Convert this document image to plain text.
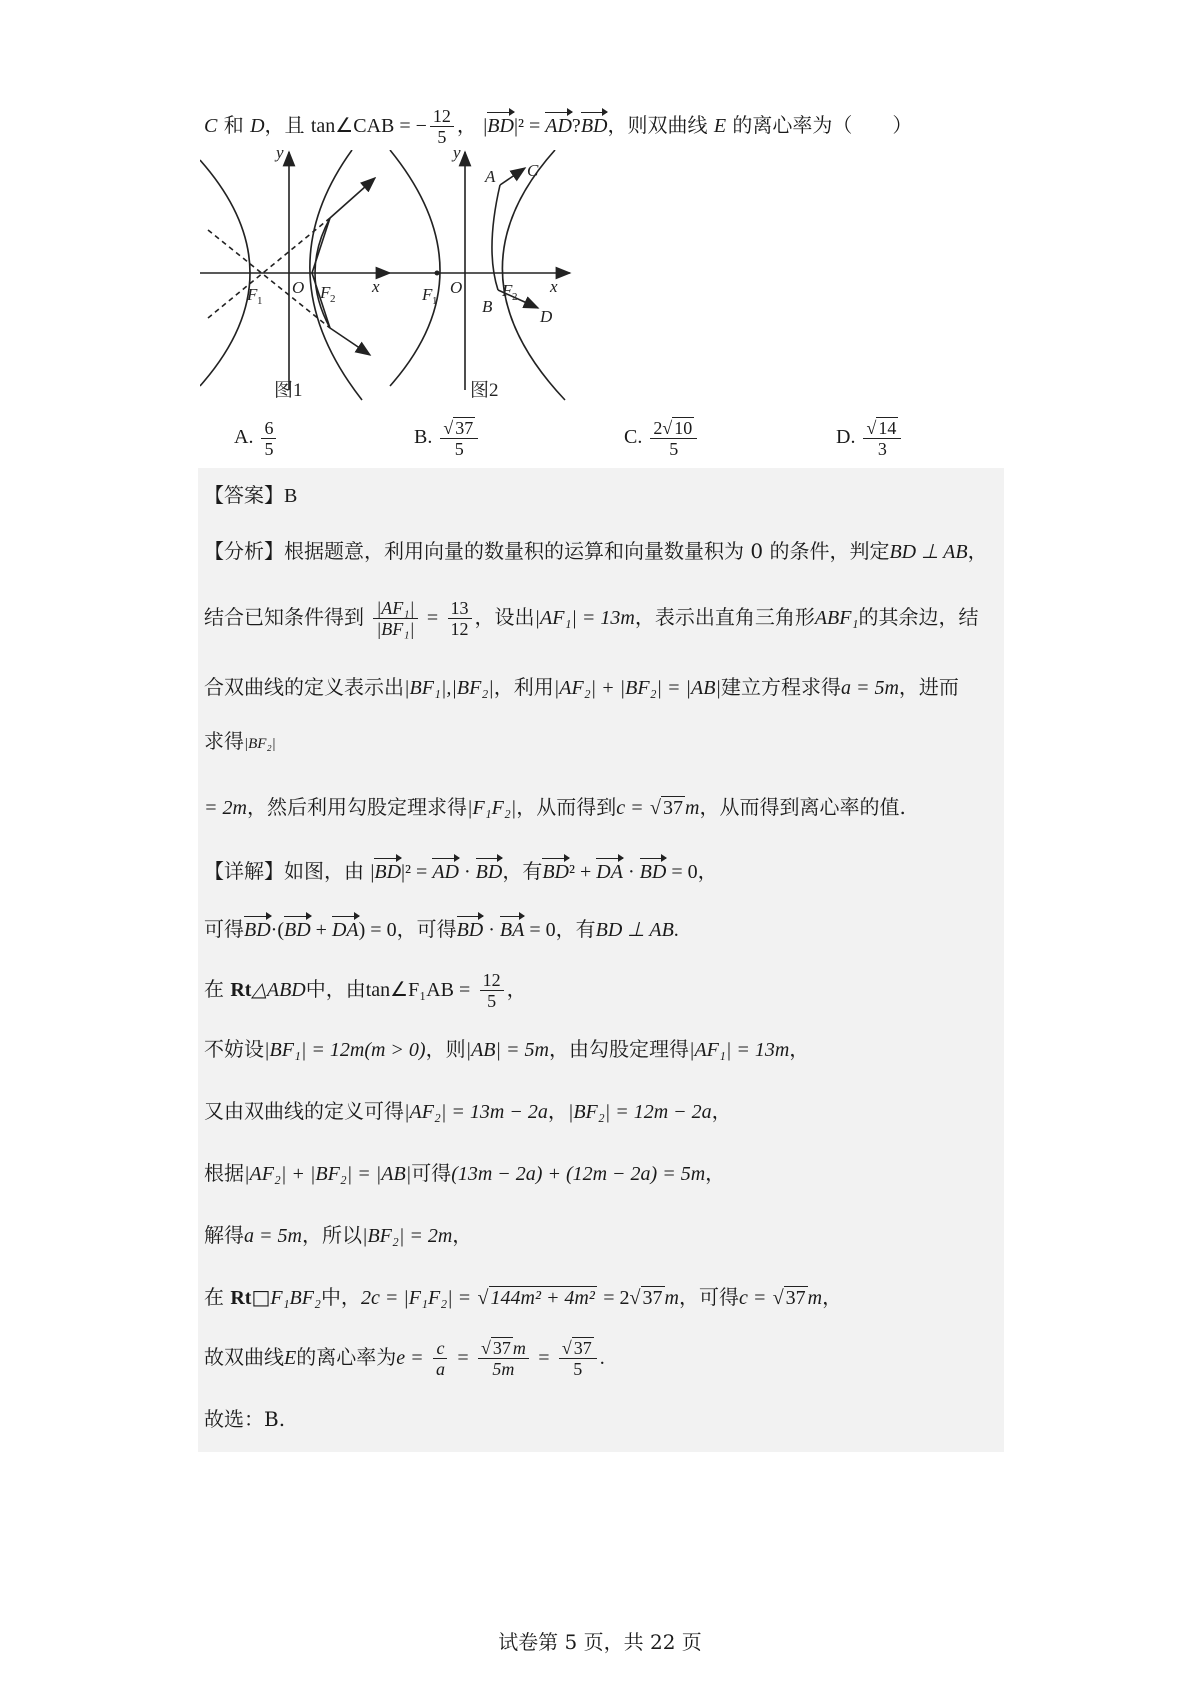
C 和 D，且 tan∠CAB = − $\frac{12}{5}$ ， |BD|² = AD?BD，则双曲线 E 的离心率为（　　）
y
x
O
F 1	F 2
y
x
O
F 1
F 2
A C
B
D
图1	图2
A. $\frac{6}{5}$	B. $\frac{√ 37}{5}$	C. $\frac{2√ 10}{5}$	D. $\frac{√ 14}{3}$
【答案】B
【分析】根据题意，利用向量的数量积的运算和向量数量积为 0 的条件，判定BD ⊥ AB，
结合已知条件得到 $\frac{\text{|AF₁|}}{\text{|BF₁|}} = \frac{13}{12}$ ，设出|AF₁| = 13m，表示出直角三角形ABF₁的其余边，结
合双曲线的定义表示出|BF₁|,|BF₂|，利用|AF₂| + |BF₂| = |AB|建立方程求得a = 5m，进而
求得|BF₂|
= 2m，然后利用勾股定理求得|F₁F₂|，从而得到c = √ 37 m，从而得到离心率的值.
【详解】如图，由 |BD|² = AD · BD，有BD² + DA · BD = 0，
可得BD·(BD + DA) = 0，可得BD · BA = 0，有BD ⊥ AB.
在 Rt△ABD中，由tan∠F₁AB = $\frac{12}{5}$ ，
不妨设|BF₁| = 12m(m > 0)，则|AB| = 5m，由勾股定理得|AF₁| = 13m，
又由双曲线的定义可得|AF₂| = 13m − 2a，|BF₂| = 12m − 2a，
根据|AF₂| + |BF₂| = |AB|可得(13m − 2a) + (12m − 2a) = 5m，
解得a = 5m，所以|BF₂| = 2m，
在 Rt□F₁BF₂中，2c = |F₁F₂| = √ 144m² + 4m² = 2√ 37 m，可得c = √ 37 m，
故双曲线E的离心率为$e = \frac{c}{a} = \frac{√ 37 m}{5m} = \frac{√ 37}{5}$ .
故选：B.
试卷第 5 页，共 22 页
